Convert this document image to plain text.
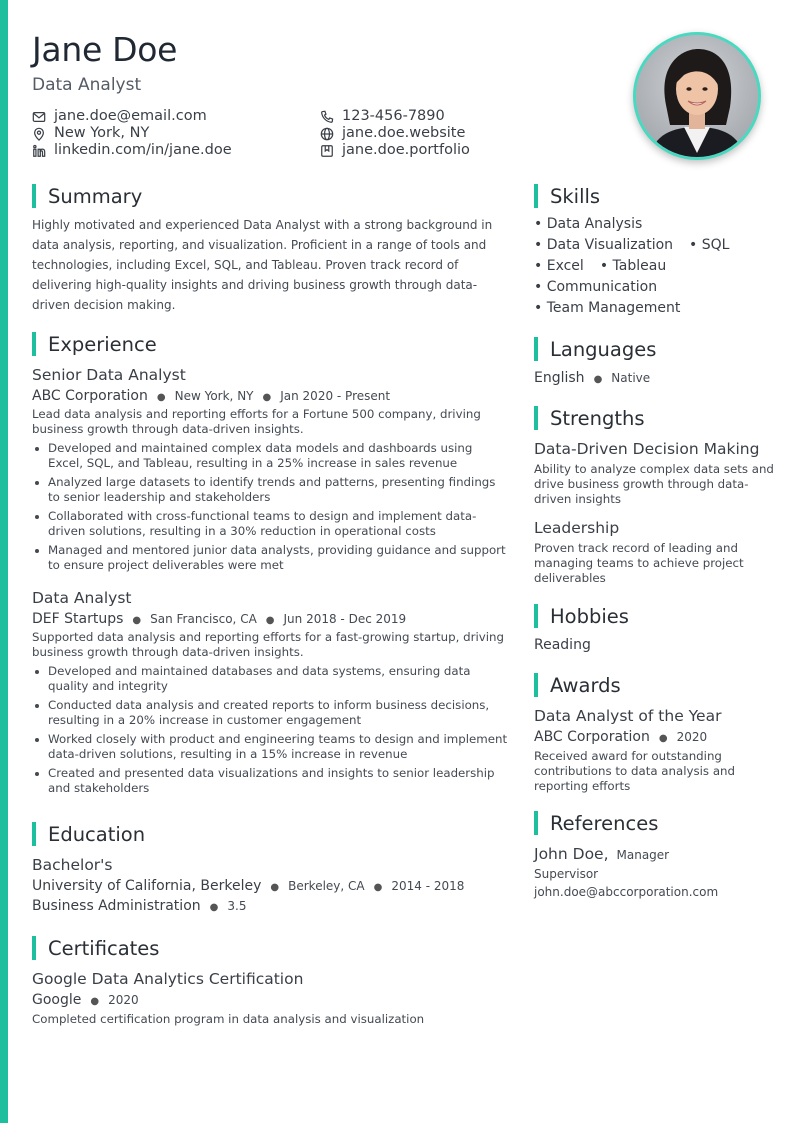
Jane Doe
Data Analyst
jane.doe@email.com
New York, NY
linkedin.com/in/jane.doe
123-456-7890
jane.doe.website
jane.doe.portfolio
Summary
Highly motivated and experienced Data Analyst with a strong background in data analysis, reporting, and visualization. Proficient in a range of tools and technologies, including Excel, SQL, and Tableau. Proven track record of delivering high-quality insights and driving business growth through data-driven decision making.
Experience
Senior Data Analyst
ABC Corporation ● New York, NY ● Jan 2020 - Present
Lead data analysis and reporting efforts for a Fortune 500 company, driving business growth through data-driven insights.
Developed and maintained complex data models and dashboards using Excel, SQL, and Tableau, resulting in a 25% increase in sales revenue
Analyzed large datasets to identify trends and patterns, presenting findings to senior leadership and stakeholders
Collaborated with cross-functional teams to design and implement data-driven solutions, resulting in a 30% reduction in operational costs
Managed and mentored junior data analysts, providing guidance and support to ensure project deliverables were met
Data Analyst
DEF Startups ● San Francisco, CA ● Jun 2018 - Dec 2019
Supported data analysis and reporting efforts for a fast-growing startup, driving business growth through data-driven insights.
Developed and maintained databases and data systems, ensuring data quality and integrity
Conducted data analysis and created reports to inform business decisions, resulting in a 20% increase in customer engagement
Worked closely with product and engineering teams to design and implement data-driven solutions, resulting in a 15% increase in revenue
Created and presented data visualizations and insights to senior leadership and stakeholders
Education
Bachelor's
University of California, Berkeley ● Berkeley, CA ● 2014 - 2018
Business Administration ● 3.5
Certificates
Google Data Analytics Certification
Google ● 2020
Completed certification program in data analysis and visualization
Skills
• Data Analysis
• Data Visualization • SQL
• Excel • Tableau
• Communication
• Team Management
Languages
English ● Native
Strengths
Data-Driven Decision Making
Ability to analyze complex data sets and drive business growth through data-driven insights
Leadership
Proven track record of leading and managing teams to achieve project deliverables
Hobbies
Reading
Awards
Data Analyst of the Year
ABC Corporation ● 2020
Received award for outstanding contributions to data analysis and reporting efforts
References
John Doe, Manager
Supervisor
john.doe@abccorporation.com
